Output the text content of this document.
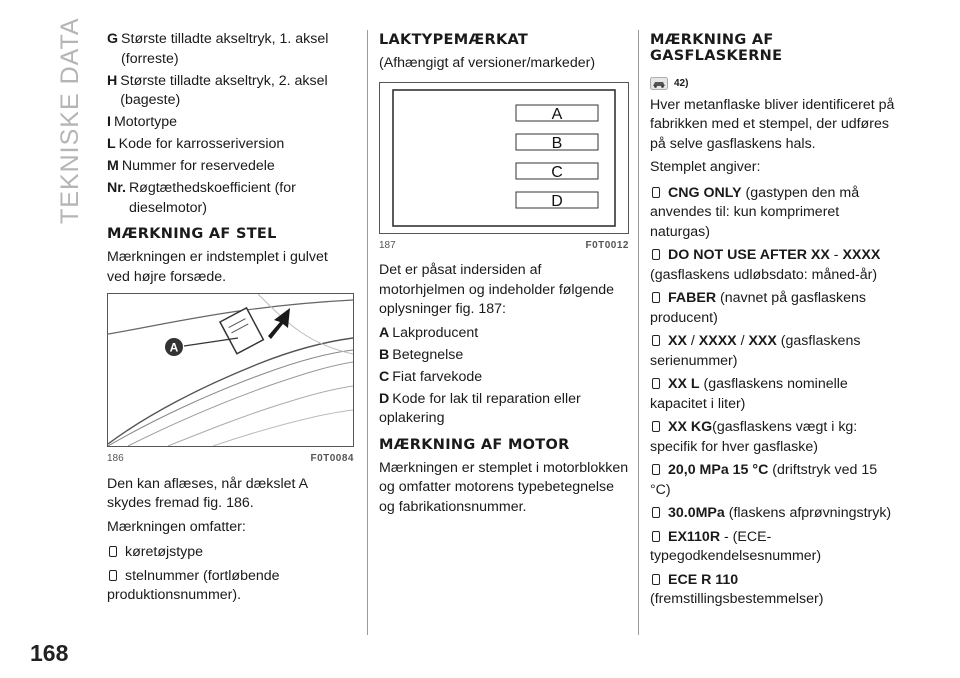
TEKNISKE DATA
168
G Største tilladte akseltryk, 1. aksel (forreste)
H Største tilladte akseltryk, 2. aksel (bageste)
I Motortype
L Kode for karrosseriversion
M Nummer for reservedele
Nr. Røgtæthedskoefficient (for dieselmotor)
MÆRKNING AF STEL

Mærkningen er indstemplet i gulvet ved højre forsæde.

A
186	F0T0084

Den kan aflæses, når dækslet A skydes fremad fig. 186.

Mærkningen omfatter:

køretøjstype
stelnummer (fortløbende produktionsnummer).
LAKTYPEMÆRKAT

(Afhængigt af versioner/markeder)

A
B
C
D
187	F0T0012

Det er påsat indersiden af motorhjelmen og indeholder følgende oplysninger fig. 187:

A Lakproducent
B Betegnelse
C Fiat farvekode
D Kode for lak til reparation eller oplakering
MÆRKNING AF MOTOR

Mærkningen er stemplet i motorblokken og omfatter motorens typebetegnelse og fabrikationsnummer.

MÆRKNING AF
GASFLASKERNE
42)

Hver metanflaske bliver identificeret på fabrikken med et stempel, der udføres på selve gasflaskens hals.

Stemplet angiver:

CNG ONLY (gastypen den må anvendes til: kun komprimeret naturgas)
DO NOT USE AFTER XX - XXXX (gasflaskens udløbsdato: måned-år)
FABER (navnet på gasflaskens producent)
XX / XXXX / XXX (gasflaskens serienummer)
XX L (gasflaskens nominelle kapacitet i liter)
XX KG(gasflaskens vægt i kg: specifik for hver gasflaske)
20,0 MPa 15 °C (driftstryk ved 15 °C)
30.0MPa (flaskens afprøvningstryk)
EX110R - (ECE-typegodkendelsesnummer)
ECE R 110 (fremstillingsbestemmelser)
